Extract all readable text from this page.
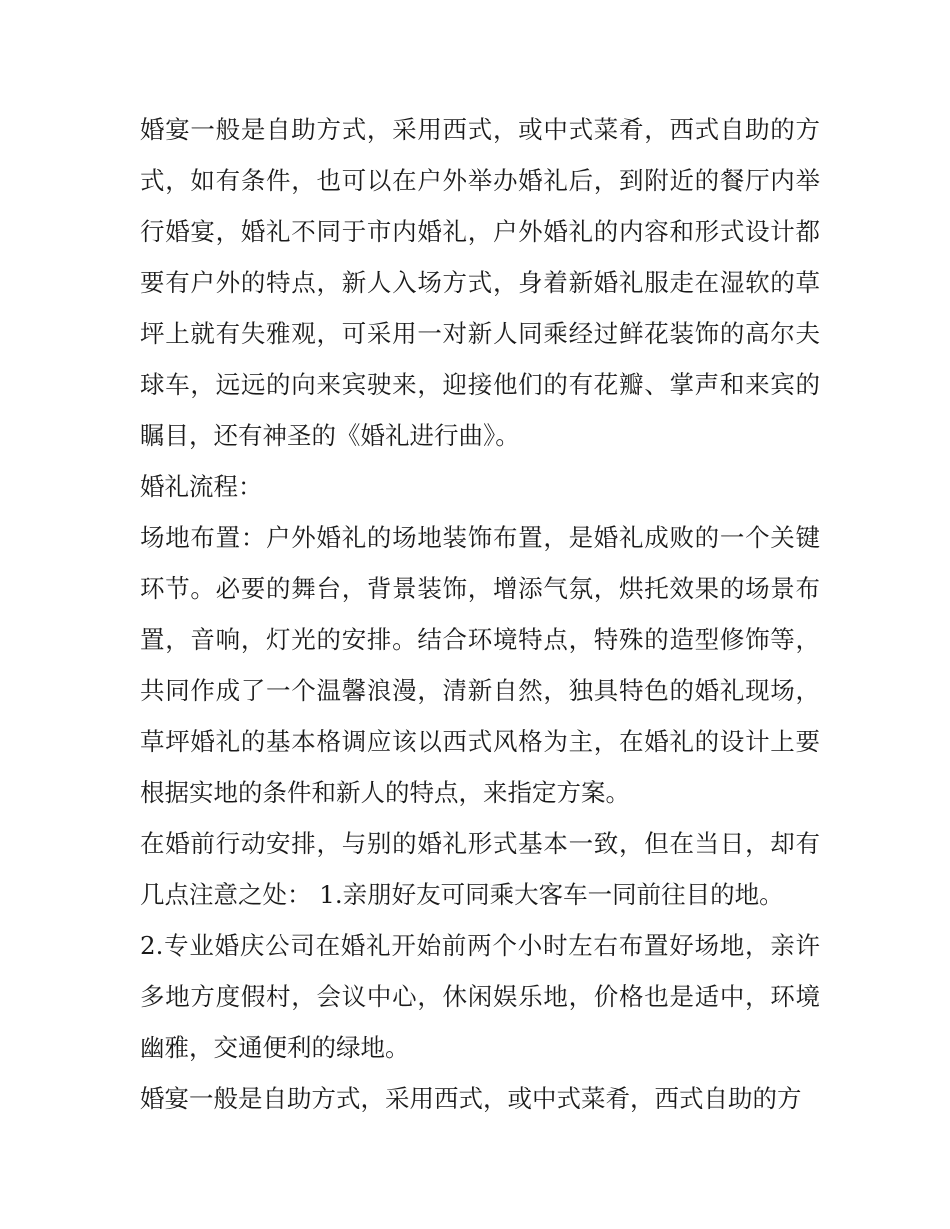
婚宴一般是自助方式，采用西式，或中式菜肴，西式自助的方式，如有条件，也可以在户外举办婚礼后，到附近的餐厅内举行婚宴，婚礼不同于市内婚礼，户外婚礼的内容和形式设计都要有户外的特点，新人入场方式，身着新婚礼服走在湿软的草坪上就有失雅观，可采用一对新人同乘经过鲜花装饰的高尔夫球车，远远的向来宾驶来，迎接他们的有花瓣、掌声和来宾的瞩目，还有神圣的《婚礼进行曲》。

婚礼流程：

场地布置：户外婚礼的场地装饰布置，是婚礼成败的一个关键环节。必要的舞台，背景装饰，增添气氛，烘托效果的场景布置，音响，灯光的安排。结合环境特点，特殊的造型修饰等，共同作成了一个温馨浪漫，清新自然，独具特色的婚礼现场，草坪婚礼的基本格调应该以西式风格为主，在婚礼的设计上要根据实地的条件和新人的特点，来指定方案。

在婚前行动安排，与别的婚礼形式基本一致，但在当日，却有几点注意之处： 1.亲朋好友可同乘大客车一同前往目的地。

2.专业婚庆公司在婚礼开始前两个小时左右布置好场地，亲许多地方度假村，会议中心，休闲娱乐地，价格也是适中，环境幽雅，交通便利的绿地。

婚宴一般是自助方式，采用西式，或中式菜肴，西式自助的方
